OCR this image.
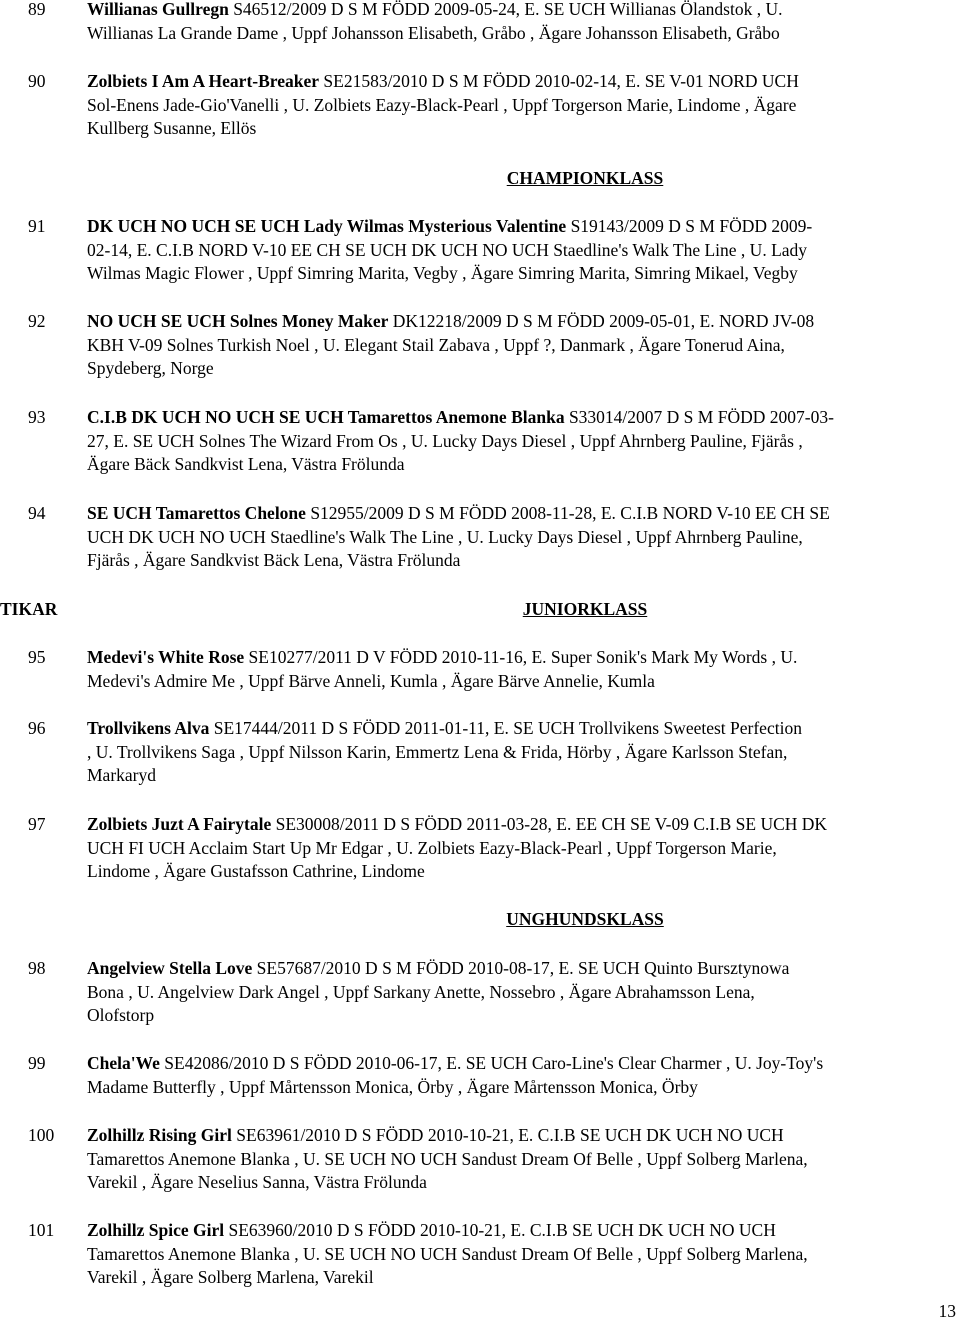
CHAMPIONKLASS
TIKAR	JUNIORKLASS
UNGHUNDSKLASS
13
89 Willianas Gullregn S46512/2009 D S M FÖDD 2009-05-24, E. SE UCH Willianas Ölandstok , U.
Willianas La Grande Dame , Uppf Johansson Elisabeth, Gråbo , Ägare Johansson Elisabeth, Gråbo
90 Zolbiets I Am A Heart-Breaker SE21583/2010 D S M FÖDD 2010-02-14, E. SE V-01 NORD UCH
Sol-Enens Jade-Gio'Vanelli , U. Zolbiets Eazy-Black-Pearl , Uppf Torgerson Marie, Lindome , Ägare
Kullberg Susanne, Ellös
91 DK UCH NO UCH SE UCH Lady Wilmas Mysterious Valentine S19143/2009 D S M FÖDD 2009-
02-14, E. C.I.B NORD V-10 EE CH SE UCH DK UCH NO UCH Staedline's Walk The Line , U. Lady
Wilmas Magic Flower , Uppf Simring Marita, Vegby , Ägare Simring Marita, Simring Mikael, Vegby
92 NO UCH SE UCH Solnes Money Maker DK12218/2009 D S M FÖDD 2009-05-01, E. NORD JV-08
KBH V-09 Solnes Turkish Noel , U. Elegant Stail Zabava , Uppf ?, Danmark , Ägare Tonerud Aina,
Spydeberg, Norge
93 C.I.B DK UCH NO UCH SE UCH Tamarettos Anemone Blanka S33014/2007 D S M FÖDD 2007-03-
27, E. SE UCH Solnes The Wizard From Os , U. Lucky Days Diesel , Uppf Ahrnberg Pauline, Fjärås ,
Ägare Bäck Sandkvist Lena, Västra Frölunda
94 SE UCH Tamarettos Chelone S12955/2009 D S M FÖDD 2008-11-28, E. C.I.B NORD V-10 EE CH SE
UCH DK UCH NO UCH Staedline's Walk The Line , U. Lucky Days Diesel , Uppf Ahrnberg Pauline,
Fjärås , Ägare Sandkvist Bäck Lena, Västra Frölunda
95 Medevi's White Rose SE10277/2011 D V FÖDD 2010-11-16, E. Super Sonik's Mark My Words , U.
Medevi's Admire Me , Uppf Bärve Anneli, Kumla , Ägare Bärve Annelie, Kumla
96 Trollvikens Alva SE17444/2011 D S FÖDD 2011-01-11, E. SE UCH Trollvikens Sweetest Perfection
, U. Trollvikens Saga , Uppf Nilsson Karin, Emmertz Lena & Frida, Hörby , Ägare Karlsson Stefan,
Markaryd
97 Zolbiets Juzt A Fairytale SE30008/2011 D S FÖDD 2011-03-28, E. EE CH SE V-09 C.I.B SE UCH DK
UCH FI UCH Acclaim Start Up Mr Edgar , U. Zolbiets Eazy-Black-Pearl , Uppf Torgerson Marie,
Lindome , Ägare Gustafsson Cathrine, Lindome
98 Angelview Stella Love SE57687/2010 D S M FÖDD 2010-08-17, E. SE UCH Quinto Bursztynowa
Bona , U. Angelview Dark Angel , Uppf Sarkany Anette, Nossebro , Ägare Abrahamsson Lena,
Olofstorp
99 Chela'We SE42086/2010 D S FÖDD 2010-06-17, E. SE UCH Caro-Line's Clear Charmer , U. Joy-Toy's
Madame Butterfly , Uppf Mårtensson Monica, Örby , Ägare Mårtensson Monica, Örby
100 Zolhillz Rising Girl SE63961/2010 D S FÖDD 2010-10-21, E. C.I.B SE UCH DK UCH NO UCH
Tamarettos Anemone Blanka , U. SE UCH NO UCH Sandust Dream Of Belle , Uppf Solberg Marlena,
Varekil , Ägare Neselius Sanna, Västra Frölunda
101 Zolhillz Spice Girl SE63960/2010 D S FÖDD 2010-10-21, E. C.I.B SE UCH DK UCH NO UCH
Tamarettos Anemone Blanka , U. SE UCH NO UCH Sandust Dream Of Belle , Uppf Solberg Marlena,
Varekil , Ägare Solberg Marlena, Varekil
